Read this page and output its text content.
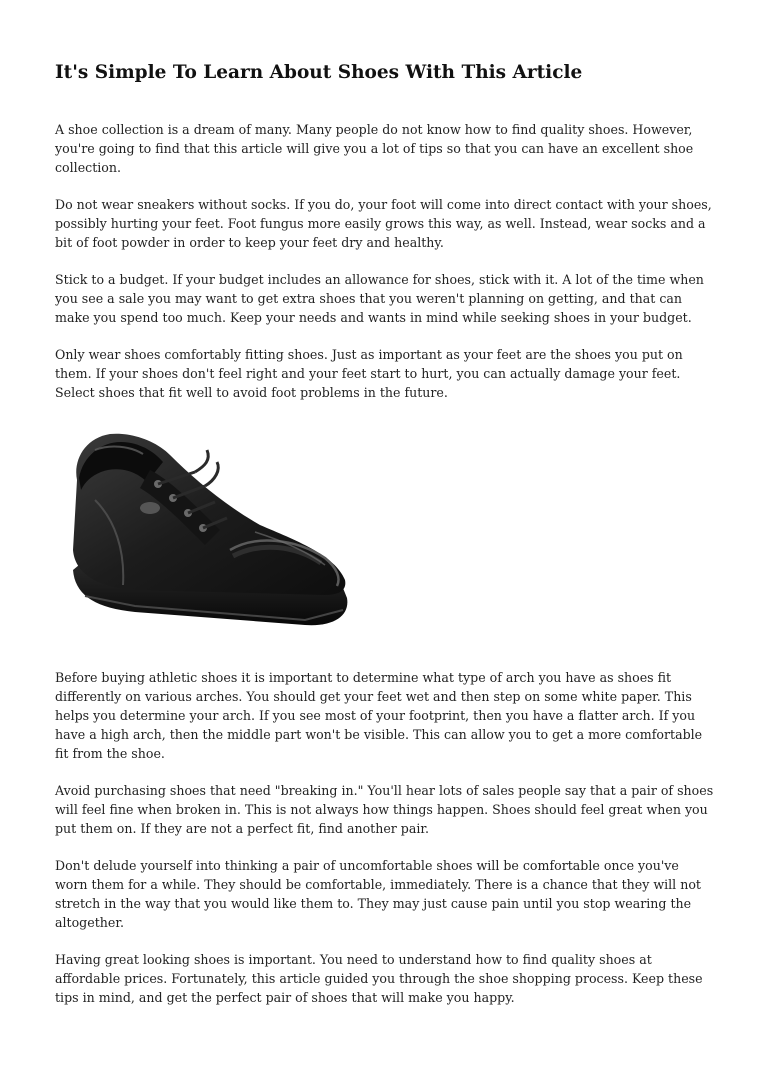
It's Simple To Learn About Shoes With This Article

A shoe collection is a dream of many. Many people do not know how to find quality shoes. However, you're going to find that this article will give you a lot of tips so that you can have an excellent shoe collection.

Do not wear sneakers without socks. If you do, your foot will come into direct contact with your shoes, possibly hurting your feet. Foot fungus more easily grows this way, as well. Instead, wear socks and a bit of foot powder in order to keep your feet dry and healthy.

Stick to a budget. If your budget includes an allowance for shoes, stick with it. A lot of the time when you see a sale you may want to get extra shoes that you weren't planning on getting, and that can make you spend too much. Keep your needs and wants in mind while seeking shoes in your budget.

Only wear shoes comfortably fitting shoes. Just as important as your feet are the shoes you put on them. If your shoes don't feel right and your feet start to hurt, you can actually damage your feet. Select shoes that fit well to avoid foot problems in the future.

Before buying athletic shoes it is important to determine what type of arch you have as shoes fit differently on various arches. You should get your feet wet and then step on some white paper. This helps you determine your arch. If you see most of your footprint, then you have a flatter arch. If you have a high arch, then the middle part won't be visible. This can allow you to get a more comfortable fit from the shoe.

Avoid purchasing shoes that need "breaking in." You'll hear lots of sales people say that a pair of shoes will feel fine when broken in. This is not always how things happen. Shoes should feel great when you put them on. If they are not a perfect fit, find another pair.

Don't delude yourself into thinking a pair of uncomfortable shoes will be comfortable once you've worn them for a while. They should be comfortable, immediately. There is a chance that they will not stretch in the way that you would like them to. They may just cause pain until you stop wearing the altogether.

Having great looking shoes is important. You need to understand how to find quality shoes at affordable prices. Fortunately, this article guided you through the shoe shopping process. Keep these tips in mind, and get the perfect pair of shoes that will make you happy.
